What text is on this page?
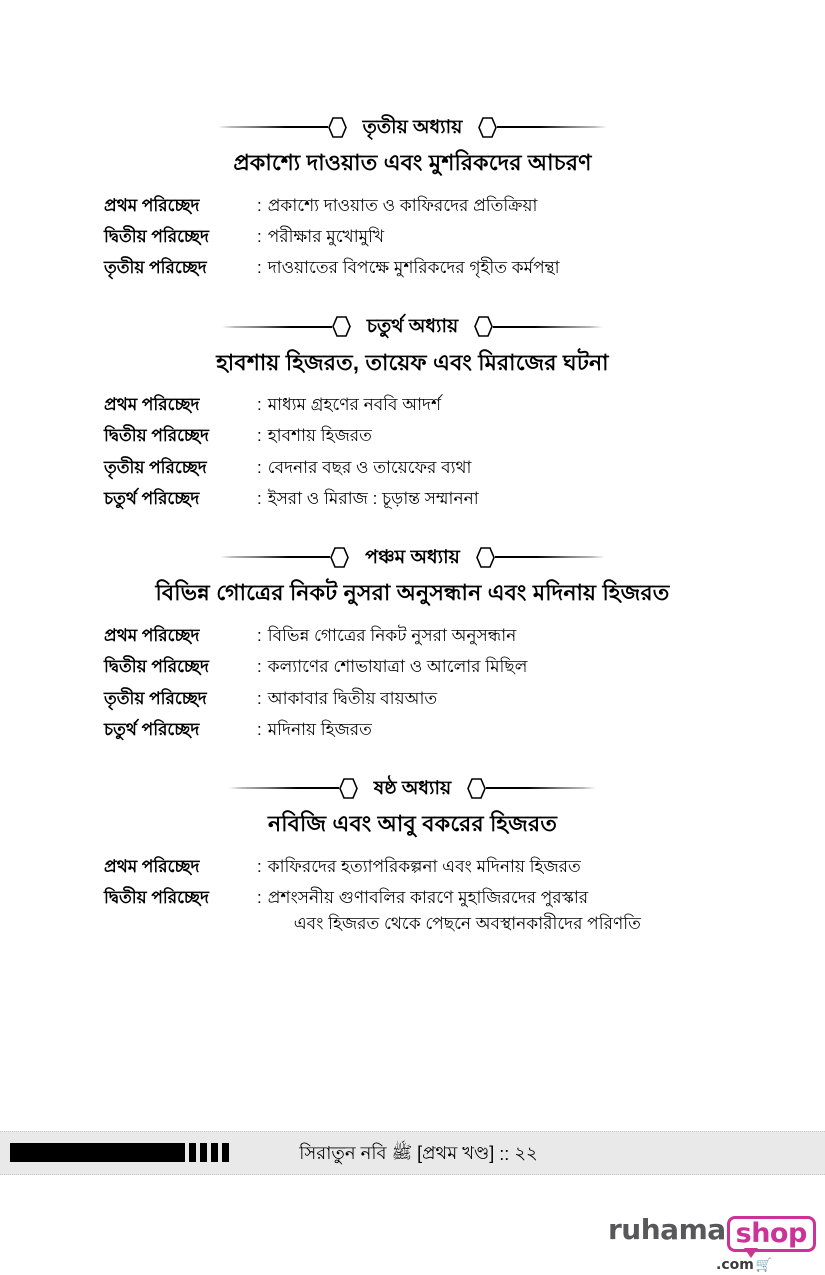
তৃতীয় অধ্যায়
প্রকাশ্যে দাওয়াত এবং মুশরিকদের আচরণ
প্রথম পরিচ্ছেদ	: প্রকাশ্যে দাওয়াত ও কাফিরদের প্রতিক্রিয়া
দ্বিতীয় পরিচ্ছেদ	: পরীক্ষার মুখোমুখি
তৃতীয় পরিচ্ছেদ	: দাওয়াতের বিপক্ষে মুশরিকদের গৃহীত কর্মপন্থা
চতুর্থ অধ্যায়
হাবশায় হিজরত, তায়েফ এবং মিরাজের ঘটনা
প্রথম পরিচ্ছেদ	: মাধ্যম গ্রহণের নববি আদর্শ
দ্বিতীয় পরিচ্ছেদ	: হাবশায় হিজরত
তৃতীয় পরিচ্ছেদ	: বেদনার বছর ও তায়েফের ব্যথা
চতুর্থ পরিচ্ছেদ	: ইসরা ও মিরাজ : চূড়ান্ত সম্মাননা
পঞ্চম অধ্যায়
বিভিন্ন গোত্রের নিকট নুসরা অনুসন্ধান এবং মদিনায় হিজরত
প্রথম পরিচ্ছেদ	: বিভিন্ন গোত্রের নিকট নুসরা অনুসন্ধান
দ্বিতীয় পরিচ্ছেদ	: কল্যাণের শোভাযাত্রা ও আলোর মিছিল
তৃতীয় পরিচ্ছেদ	: আকাবার দ্বিতীয় বায়আত
চতুর্থ পরিচ্ছেদ	: মদিনায় হিজরত
ষষ্ঠ অধ্যায়
নবিজি এবং আবু বকরের হিজরত
প্রথম পরিচ্ছেদ	: কাফিরদের হত্যাপরিকল্পনা এবং মদিনায় হিজরত
দ্বিতীয় পরিচ্ছেদ	: প্রশংসনীয় গুণাবলির কারণে মুহাজিরদের পুরস্কার
এবং হিজরত থেকে পেছনে অবস্থানকারীদের পরিণতি
সিরাতুন নবি ﷺ [প্রথম খণ্ড] :: ২২
ruhama shop
.com 🛒
